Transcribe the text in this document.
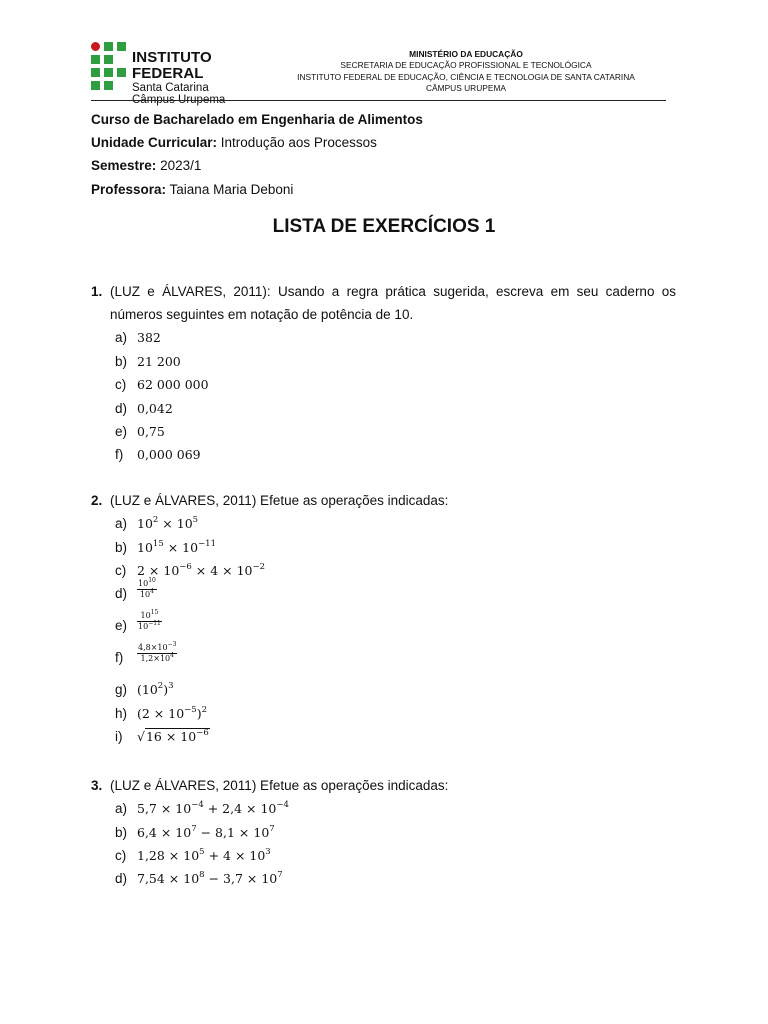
INSTITUTO FEDERAL
Santa Catarina
Câmpus Urupema
MINISTÉRIO DA EDUCAÇÃO
SECRETARIA DE EDUCAÇÃO PROFISSIONAL E TECNOLÓGICA
INSTITUTO FEDERAL DE EDUCAÇÃO, CIÊNCIA E TECNOLOGIA DE SANTA CATARINA
CÂMPUS URUPEMA
Curso de Bacharelado em Engenharia de Alimentos
Unidade Curricular: Introdução aos Processos
Semestre: 2023/1
Professora: Taiana Maria Deboni
LISTA DE EXERCÍCIOS 1
1. (LUZ e ÁLVARES, 2011): Usando a regra prática sugerida, escreva em seu caderno os números seguintes em notação de potência de 10.
a) 382
b) 21 200
c) 62 000 000
d) 0,042
e) 0,75
f) 0,000 069
2. (LUZ e ÁLVARES, 2011) Efetue as operações indicadas:
a) $10^2 \times 10^5$
b) $10^{15} \times 10^{-11}$
c) $2 \times 10^{-6} \times 4 \times 10^{-2}$
$d) \frac{10^{10}}{10^4}$
$e) \frac{10^{15}}{10^{-11}}$
$f) \frac{4,8\times 10^{-3}}{1,2\times 10^4}$
g) $(10^2)^3$
h) $(2 \times 10^{-5})^2$
i) $√16 \times 10^{-6}$
3. (LUZ e ÁLVARES, 2011) Efetue as operações indicadas:
a) $5,7 \times 10^{-4} + 2,4 \times 10^{-4}$
b) $6,4 \times 10^7 - 8,1 \times 10^7$
c) $1,28 \times 10^5 + 4 \times 10^3$
d) $7,54 \times 10^8 - 3,7 \times 10^7$
